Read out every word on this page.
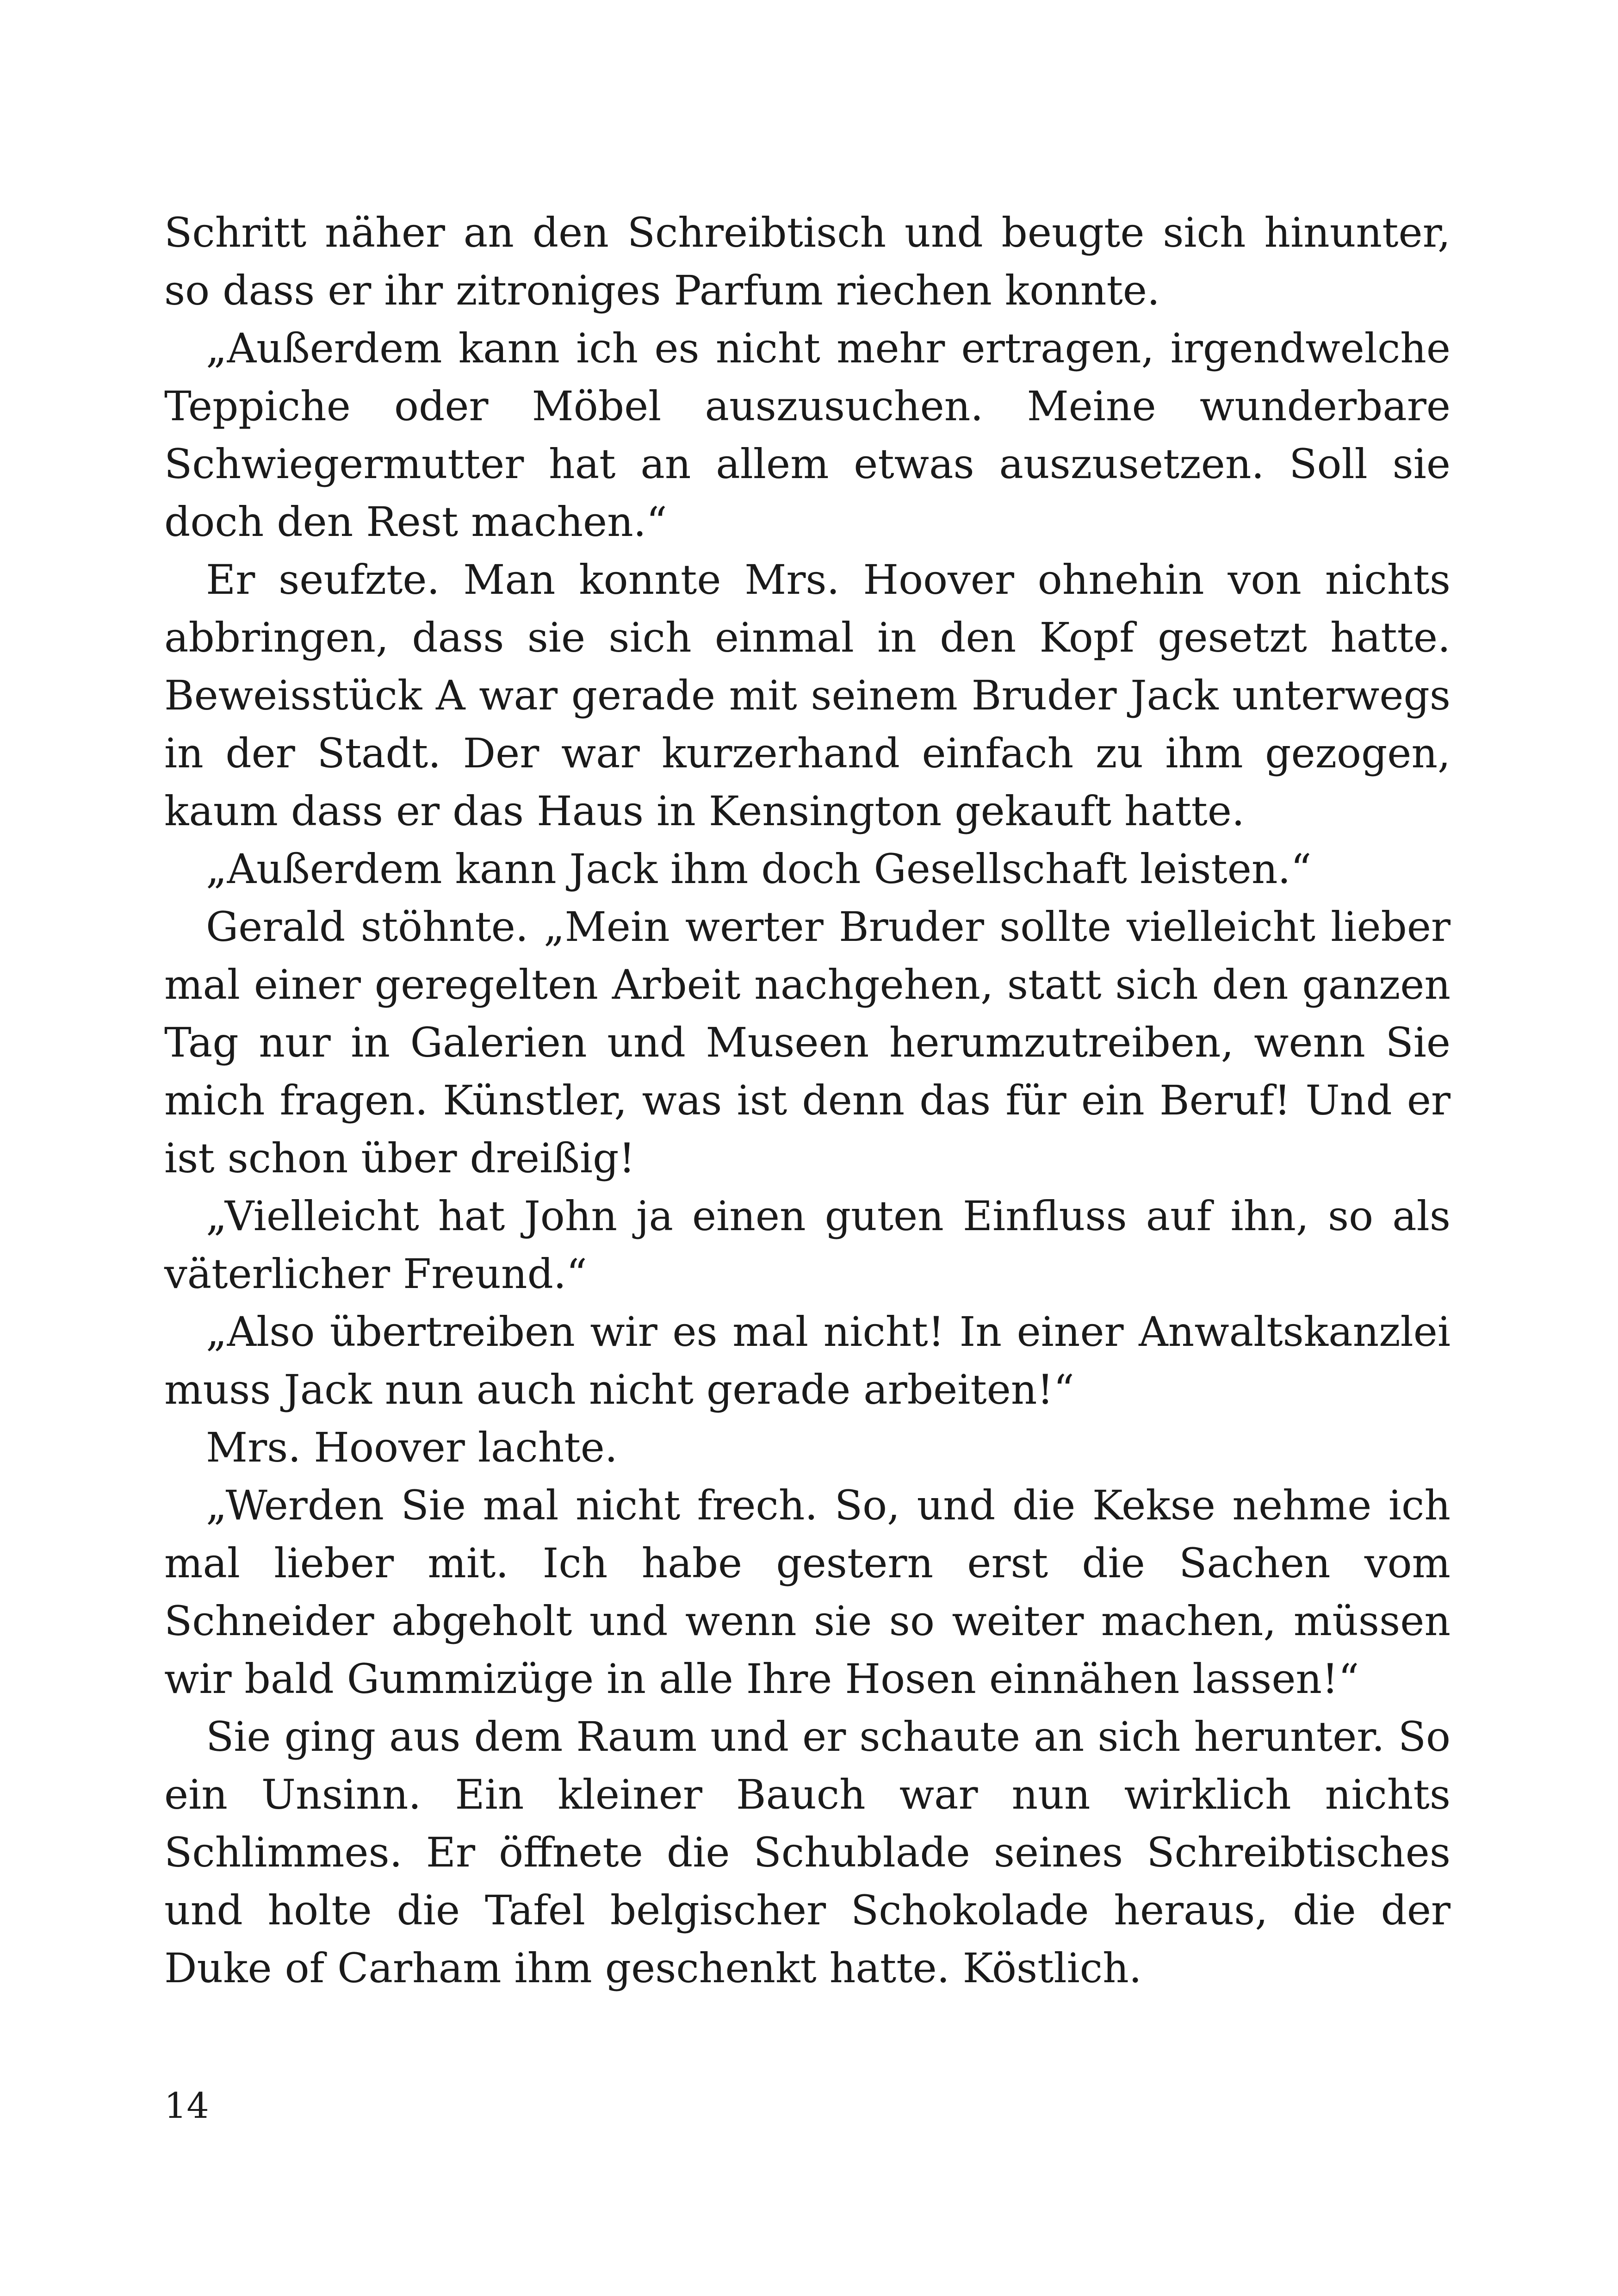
Schritt näher an den Schreibtisch und beugte sich hinunter, so dass er ihr zitroniges Parfum riechen konnte.

„Außerdem kann ich es nicht mehr ertragen, irgendwelche Teppiche oder Möbel auszusuchen. Meine wunderbare Schwiegermutter hat an allem etwas auszusetzen. Soll sie doch den Rest machen.“

Er seufzte. Man konnte Mrs. Hoover ohnehin von nichts abbringen, dass sie sich einmal in den Kopf gesetzt hatte. Beweisstück A war gerade mit seinem Bruder Jack unterwegs in der Stadt. Der war kurzerhand einfach zu ihm gezogen, kaum dass er das Haus in Kensington gekauft hatte.

„Außerdem kann Jack ihm doch Gesellschaft leisten.“

Gerald stöhnte. „Mein werter Bruder sollte vielleicht lieber mal einer geregelten Arbeit nachgehen, statt sich den ganzen Tag nur in Galerien und Museen herumzutreiben, wenn Sie mich fragen. Künstler, was ist denn das für ein Beruf! Und er ist schon über dreißig!

„Vielleicht hat John ja einen guten Einfluss auf ihn, so als väterlicher Freund.“

„Also übertreiben wir es mal nicht! In einer Anwaltskanzlei muss Jack nun auch nicht gerade arbeiten!“

Mrs. Hoover lachte.

„Werden Sie mal nicht frech. So, und die Kekse nehme ich mal lieber mit. Ich habe gestern erst die Sachen vom Schneider abgeholt und wenn sie so weiter machen, müssen wir bald Gummizüge in alle Ihre Hosen einnähen lassen!“

Sie ging aus dem Raum und er schaute an sich herunter. So ein Unsinn. Ein kleiner Bauch war nun wirklich nichts Schlimmes. Er öffnete die Schublade seines Schreibtisches und holte die Tafel belgischer Schokolade heraus, die der Duke of Carham ihm geschenkt hatte. Köstlich.

14
